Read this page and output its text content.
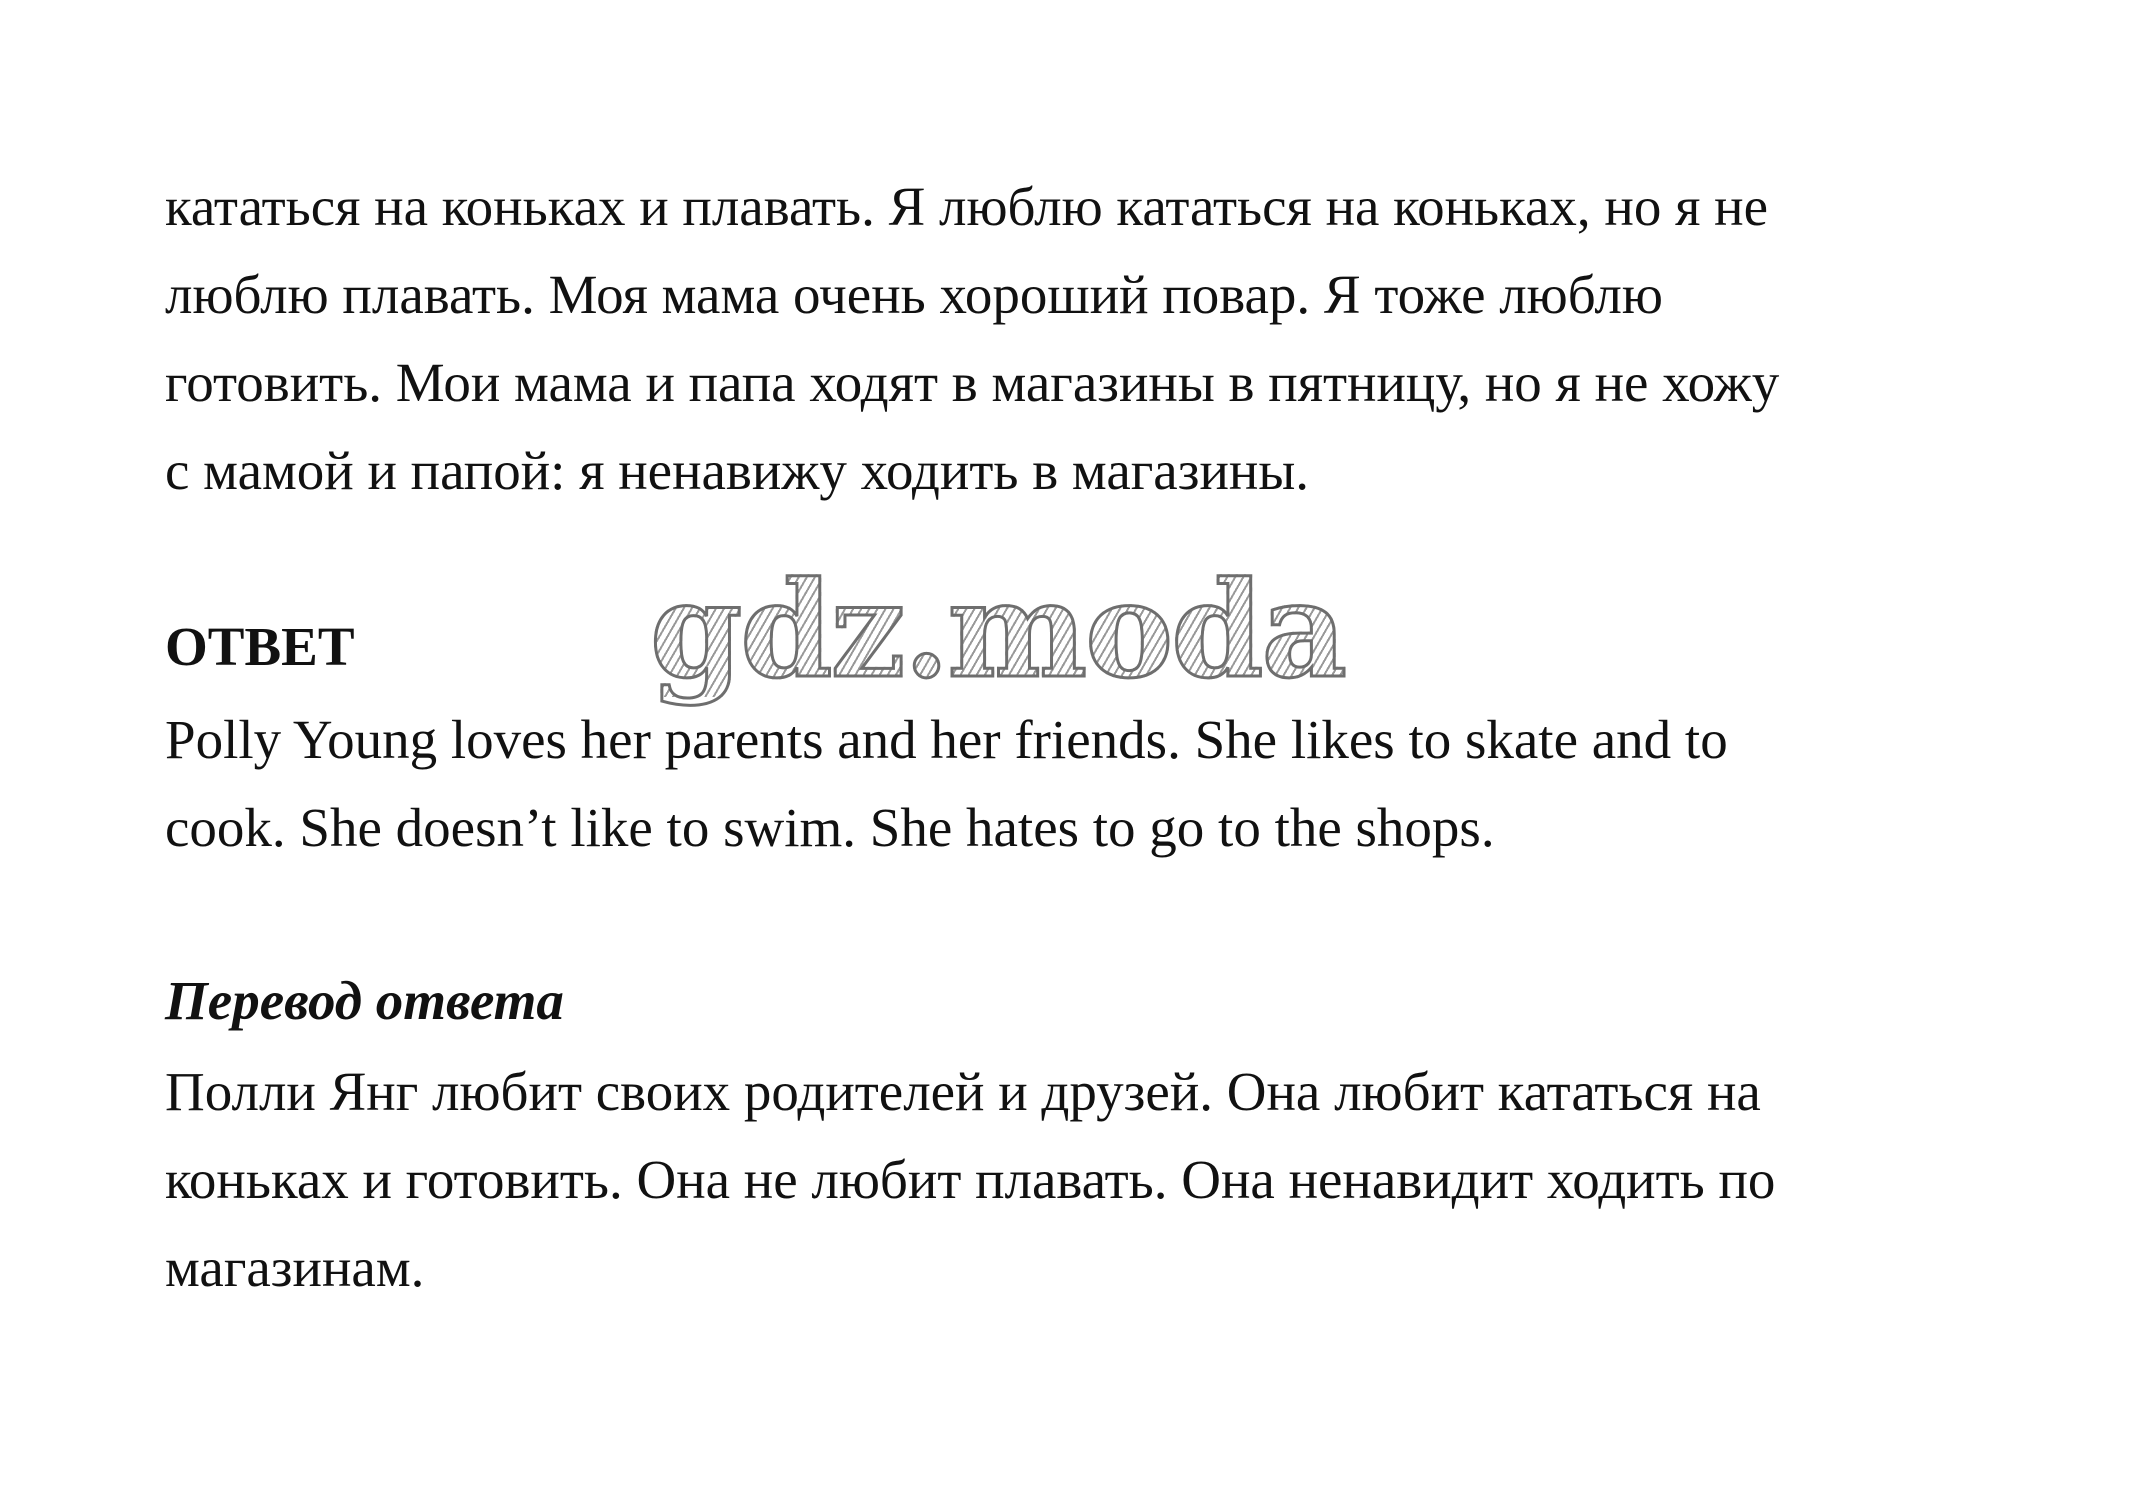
кататься на коньках и плавать. Я люблю кататься на коньках, но я не
люблю плавать. Моя мама очень хороший повар. Я тоже люблю
готовить. Мои мама и папа ходят в магазины в пятницу, но я не хожу
с мамой и папой: я ненавижу ходить в магазины.

ОТВЕТ

Polly Young loves her parents and her friends. She likes to skate and to
cook. She doesn’t like to swim. She hates to go to the shops.

Перевод ответа

Полли Янг любит своих родителей и друзей. Она любит кататься на
коньках и готовить. Она не любит плавать. Она ненавидит ходить по
магазинам.

gdz.moda
